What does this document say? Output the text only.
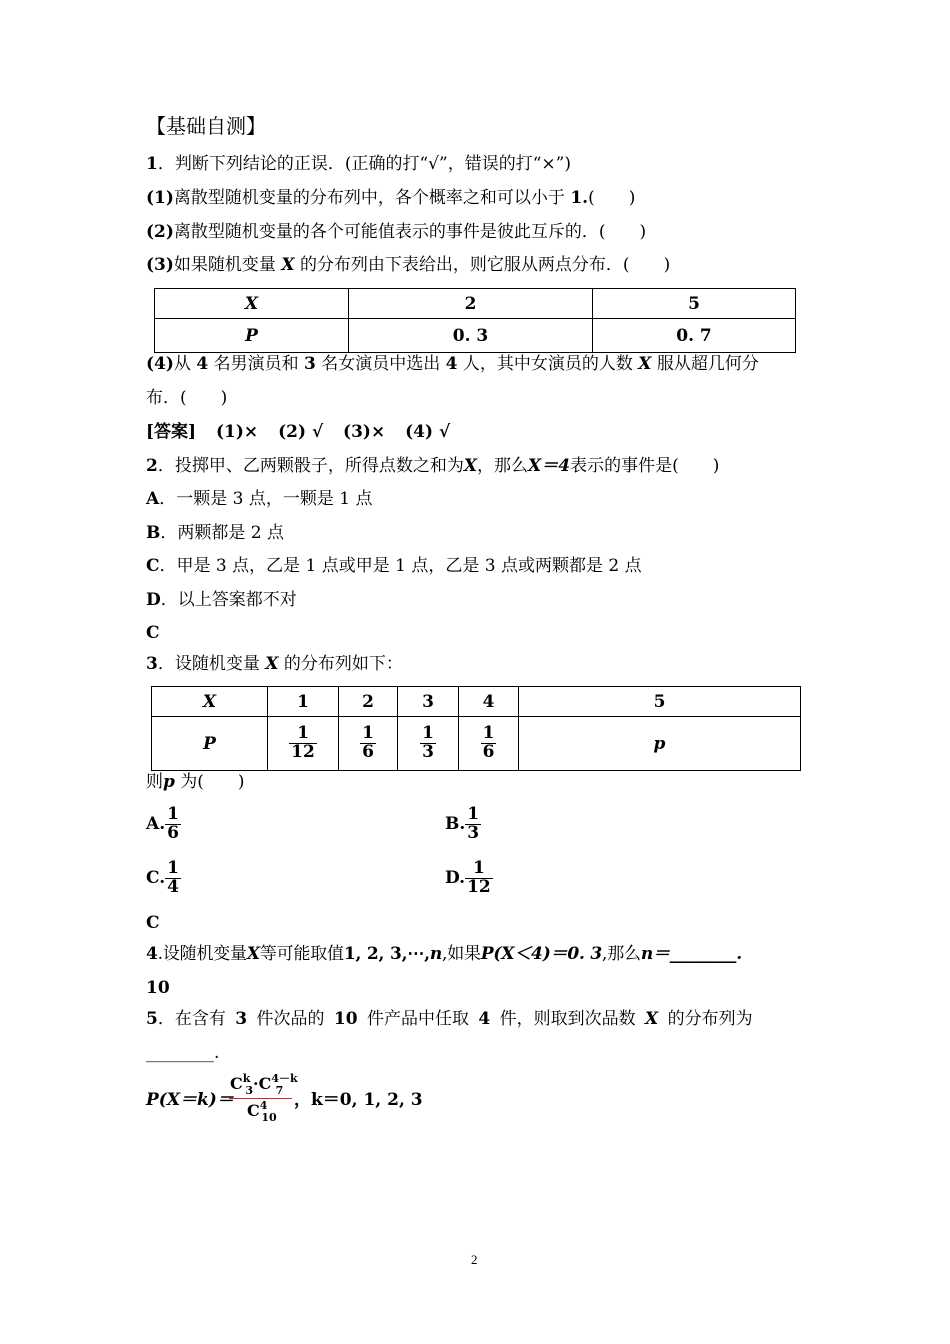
【基础自测】
1．判断下列结论的正误．(正确的打“√”，错误的打“×”)
(1)离散型随机变量的分布列中，各个概率之和可以小于 1.(　　)
(2)离散型随机变量的各个可能值表示的事件是彼此互斥的．(　　)
(3)如果随机变量 X 的分布列由下表给出，则它服从两点分布．(　　)
X	2	5
P	0. 3	0. 7
(4)从 4 名男演员和 3 名女演员中选出 4 人，其中女演员的人数 X 服从超几何分
布．(　　)
[答案] (1)× (2) √ (3)× (4) √
2．投掷甲、乙两颗骰子，所得点数之和为X，那么X＝4表示的事件是(　　)
A．一颗是 3 点，一颗是 1 点
B．两颗都是 2 点
C．甲是 3 点，乙是 1 点或甲是 1 点，乙是 3 点或两颗都是 2 点
D．以上答案都不对
C
3．设随机变量 X 的分布列如下：
X	1	2	3	4	5
P	$\frac{1}{12}$	$\frac{1}{6}$	$\frac{1}{3}$	$\frac{1}{6}$	p
则p 为(　　)
A. $\frac{1}{6}$	B. $\frac{1}{3}$
C. $\frac{1}{4}$	D. $\frac{1}{12}$
C
4.设随机变量X等可能取值1, 2, 3,⋯,n,如果P(X＜4)＝0. 3,那么n＝________.
10
5．在含有 3 件次品的 10 件产品中任取 4 件，则取到次品数 X 的分布列为
________.
P(X＝k)＝
$C^k_3\cdot C^{4-k}_7$
$C^4_{10}$
，k＝0, 1, 2, 3
2
